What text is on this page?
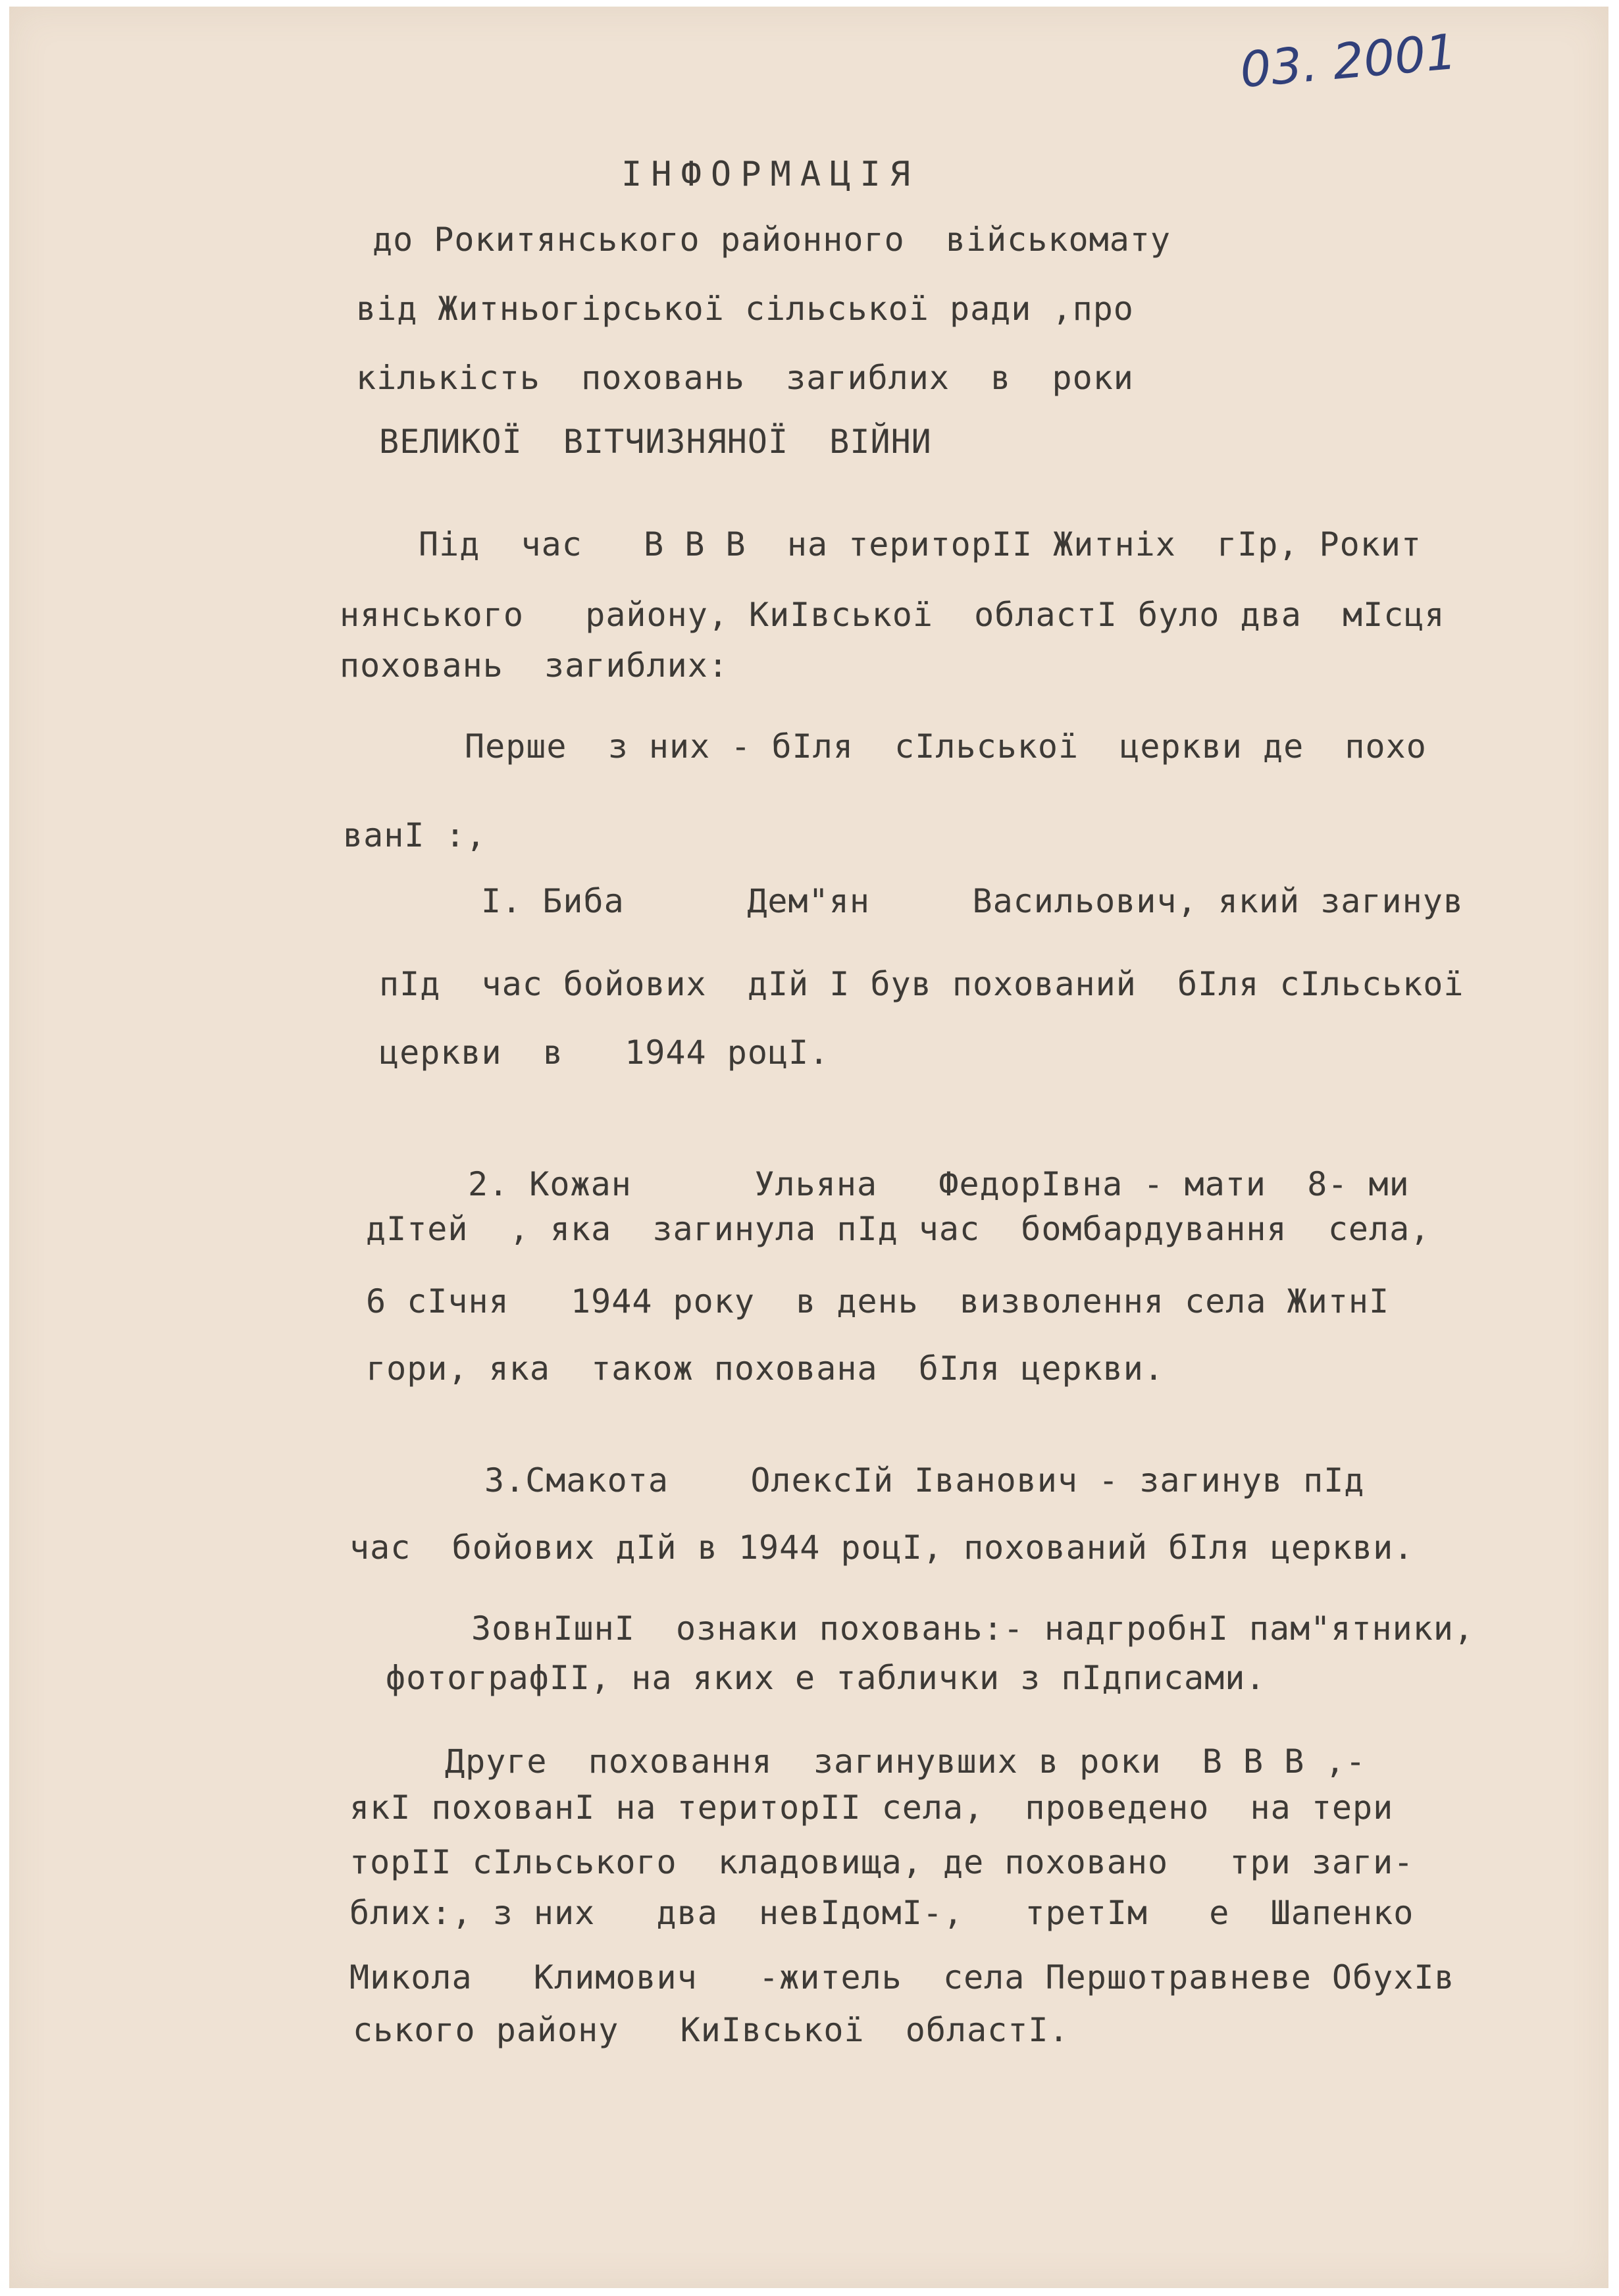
03. 2001
ІНФОРМАЦІЯ
до Рокитянського районного  військомату
від Житньогірської сільської ради ,про
кількість  поховань  загиблих  в  роки
ВЕЛИКОЇ  ВІТЧИЗНЯНОЇ  ВІЙНИ
Під  час   В В В  на територІІ Житніх  гІр, Рокит
нянського   району, КиІвської  областІ було два  мІсця
поховань  загиблих:
Перше  з них - бІля  сІльської  церкви де  похо
ванІ :,
І. Биба      Дем"ян     Васильович, який загинув
пІд  час бойових  дІй І був похований  бІля сІльської
церкви  в   1944 роцІ.
2. Кожан      Ульяна   ФедорІвна - мати  8- ми
дІтей  , яка  загинула пІд час  бомбардування  села,
6 сІчня   1944 року  в день  визволення села ЖитнІ
гори, яка  також похована  бІля церкви.
3.Смакота    ОлексІй Іванович - загинув пІд
час  бойових дІй в 1944 роцІ, похований бІля церкви.
ЗовнІшнІ  ознаки поховань:- надгробнІ пам"ятники,
фотографІІ, на яких е таблички з пІдписами.
Друге  поховання  загинувших в роки  В В В ,-
якІ похованІ на територІІ села,  проведено  на тери
торІІ сІльського  кладовища, де поховано   три заги-
блих:, з них   два  невІдомІ-,   третІм   е  Шапенко
Микола   Климович   -житель  села Першотравневе ОбухІв
ського району   КиІвської  областІ.
